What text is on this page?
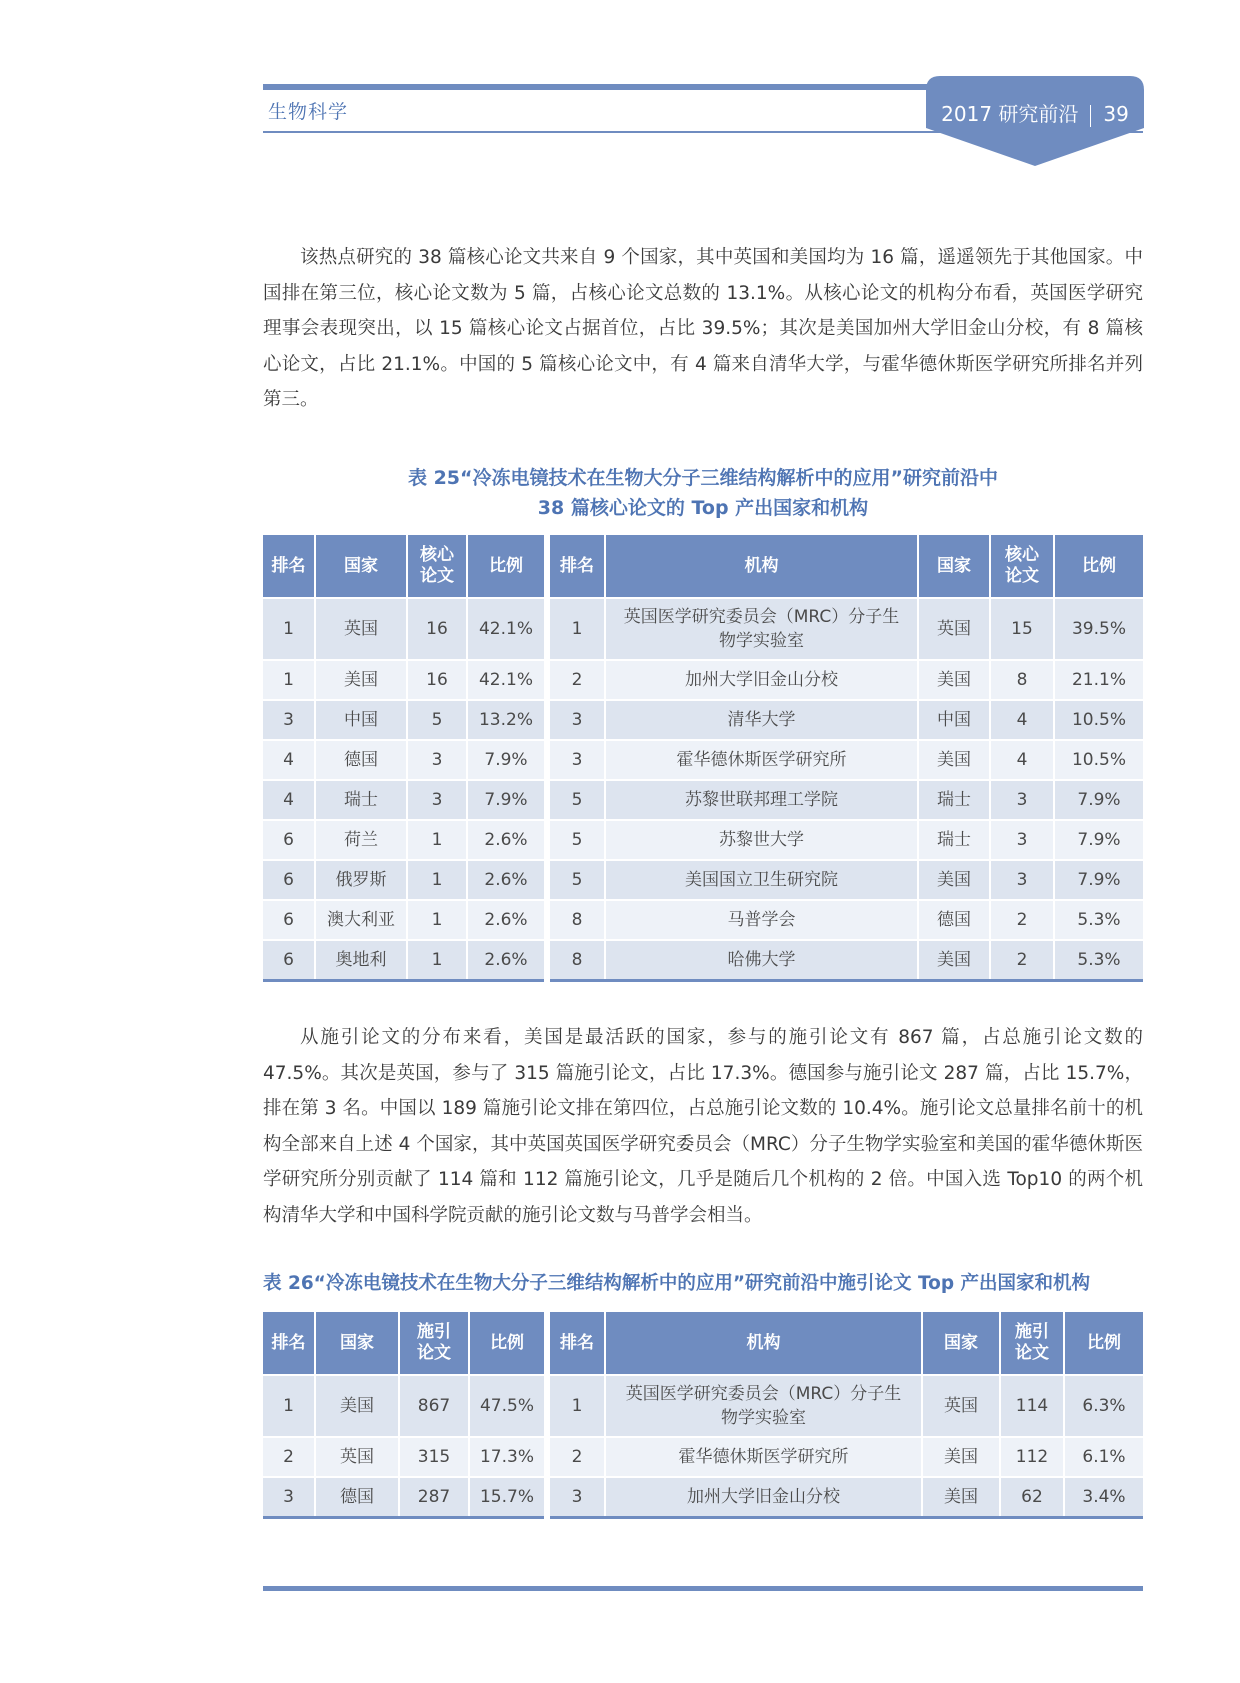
生物科学	2017 研究前沿 39

该热点研究的 38 篇核心论文共来自 9 个国家，其中英国和美国均为 16 篇，遥遥领先于其他国家。中国排在第三位，核心论文数为 5 篇，占核心论文总数的 13.1%。从核心论文的机构分布看，英国医学研究理事会表现突出，以 15 篇核心论文占据首位，占比 39.5%；其次是美国加州大学旧金山分校，有 8 篇核心论文，占比 21.1%。中国的 5 篇核心论文中，有 4 篇来自清华大学，与霍华德休斯医学研究所排名并列第三。

表 25“冷冻电镜技术在生物大分子三维结构解析中的应用”研究前沿中
38 篇核心论文的 Top 产出国家和机构
排名	国家	核心论文	比例	排名	机构	国家	核心论文	比例
1	英国	16	42.1%	1	英国医学研究委员会（MRC）分子生物学实验室	英国	15	39.5%
1	美国	16	42.1%	2	加州大学旧金山分校	美国	8	21.1%
3	中国	5	13.2%	3	清华大学	中国	4	10.5%
4	德国	3	7.9%	3	霍华德休斯医学研究所	美国	4	10.5%
4	瑞士	3	7.9%	5	苏黎世联邦理工学院	瑞士	3	7.9%
6	荷兰	1	2.6%	5	苏黎世大学	瑞士	3	7.9%
6	俄罗斯	1	2.6%	5	美国国立卫生研究院	美国	3	7.9%
6	澳大利亚	1	2.6%	8	马普学会	德国	2	5.3%
6	奥地利	1	2.6%	8	哈佛大学	美国	2	5.3%

从施引论文的分布来看，美国是最活跃的国家，参与的施引论文有 867 篇，占总施引论文数的 47.5%。其次是英国，参与了 315 篇施引论文，占比 17.3%。德国参与施引论文 287 篇，占比 15.7%，排在第 3 名。中国以 189 篇施引论文排在第四位，占总施引论文数的 10.4%。施引论文总量排名前十的机构全部来自上述 4 个国家，其中英国英国医学研究委员会（MRC）分子生物学实验室和美国的霍华德休斯医学研究所分别贡献了 114 篇和 112 篇施引论文，几乎是随后几个机构的 2 倍。中国入选 Top10 的两个机构清华大学和中国科学院贡献的施引论文数与马普学会相当。

表 26“冷冻电镜技术在生物大分子三维结构解析中的应用”研究前沿中施引论文 Top 产出国家和机构
排名	国家	施引论文	比例	排名	机构	国家	施引论文	比例
1	美国	867	47.5%	1	英国医学研究委员会（MRC）分子生物学实验室	英国	114	6.3%
2	英国	315	17.3%	2	霍华德休斯医学研究所	美国	112	6.1%
3	德国	287	15.7%	3	加州大学旧金山分校	美国	62	3.4%
